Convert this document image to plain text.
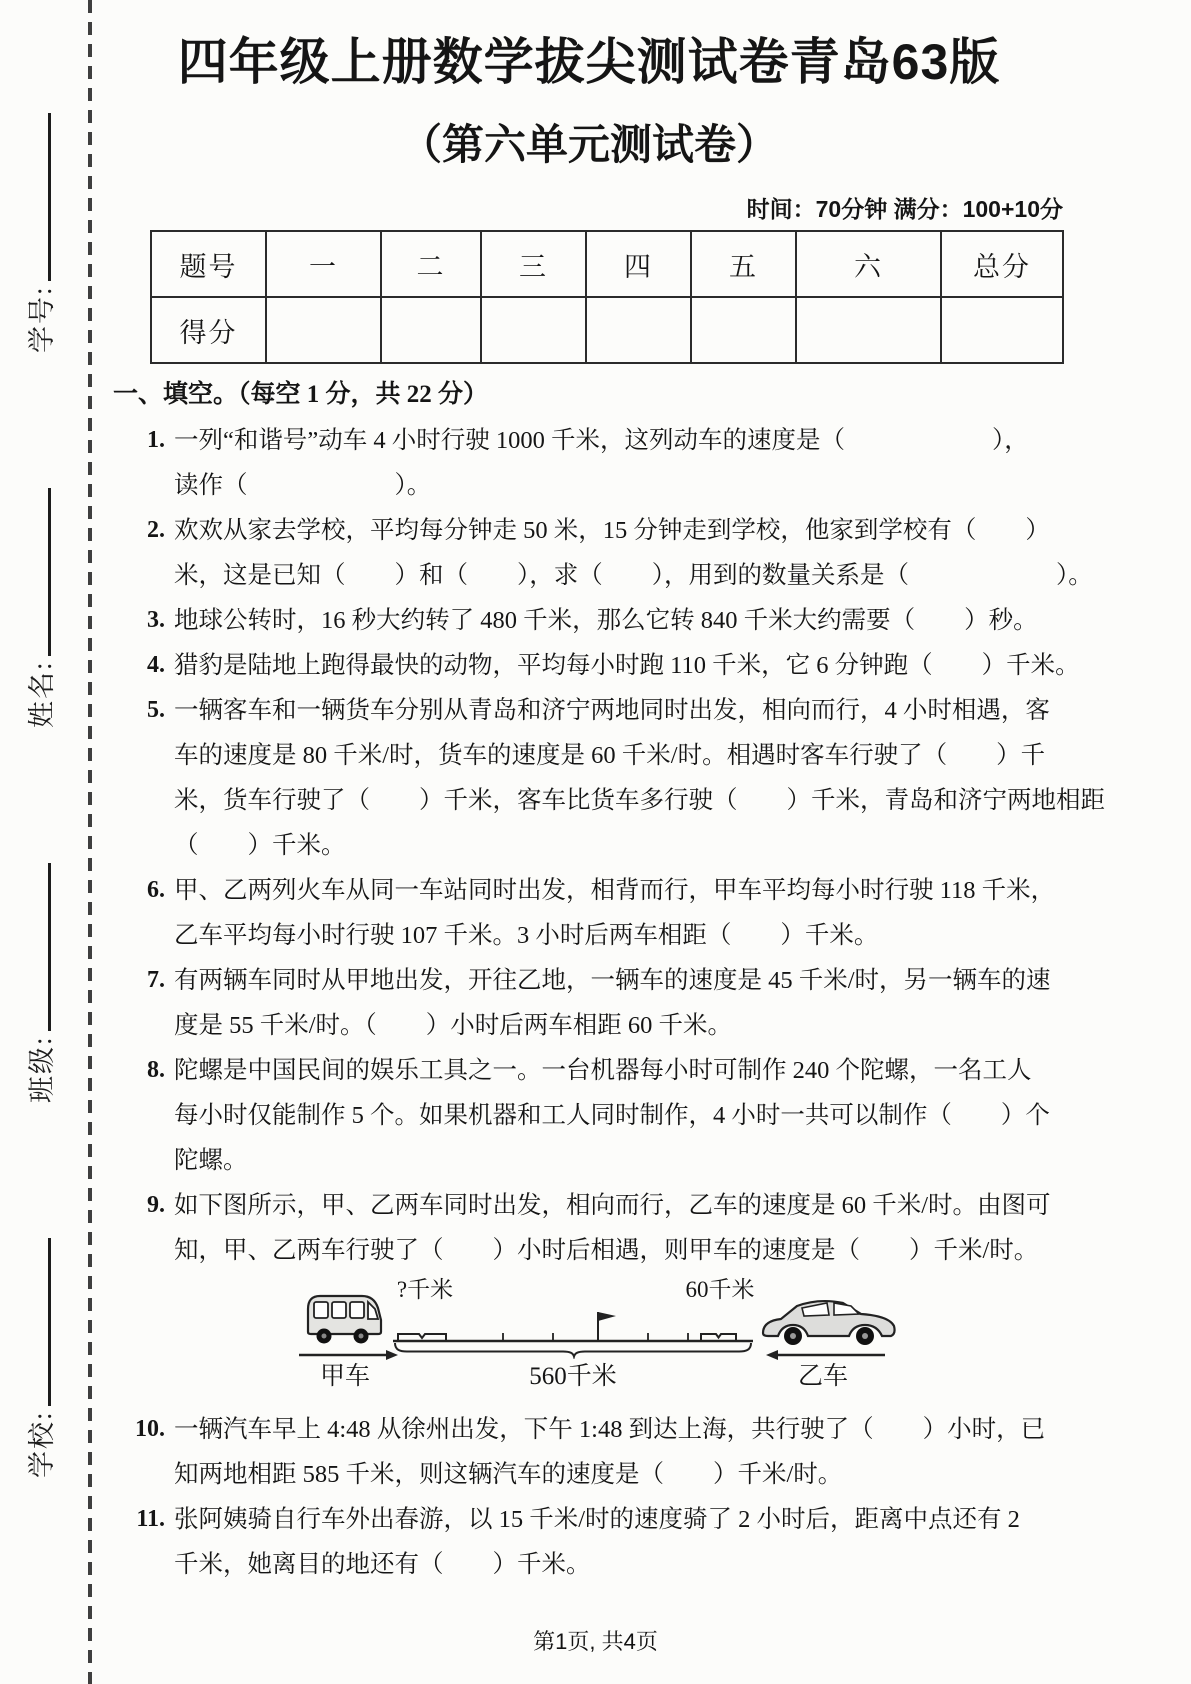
学号:
姓名:
班级:
学校:
四年级上册数学拔尖测试卷青岛63版
（第六单元测试卷）
时间：70分钟 满分：100+10分
题号	一	二	三	四	五	六	总分
得分							
一、填空。（每空 1 分，共 22 分）
1. 一列“和谐号”动车 4 小时行驶 1000 千米，这列动车的速度是（　　　　　　），
读作（　　　　　　）。
2. 欢欢从家去学校，平均每分钟走 50 米，15 分钟走到学校，他家到学校有（　　）
米，这是已知（　　）和（　　），求（　　），用到的数量关系是（　　　　　　）。
3. 地球公转时，16 秒大约转了 480 千米，那么它转 840 千米大约需要（　　）秒。
4. 猎豹是陆地上跑得最快的动物，平均每小时跑 110 千米，它 6 分钟跑（　　）千米。
5. 一辆客车和一辆货车分别从青岛和济宁两地同时出发，相向而行，4 小时相遇，客
车的速度是 80 千米/时，货车的速度是 60 千米/时。相遇时客车行驶了（　　）千
米，货车行驶了（　　）千米，客车比货车多行驶（　　）千米，青岛和济宁两地相距
（　　）千米。
6. 甲、乙两列火车从同一车站同时出发，相背而行，甲车平均每小时行驶 118 千米，
乙车平均每小时行驶 107 千米。3 小时后两车相距（　　）千米。
7. 有两辆车同时从甲地出发，开往乙地，一辆车的速度是 45 千米/时，另一辆车的速
度是 55 千米/时。（　　）小时后两车相距 60 千米。
8. 陀螺是中国民间的娱乐工具之一。一台机器每小时可制作 240 个陀螺，一名工人
每小时仅能制作 5 个。如果机器和工人同时制作，4 小时一共可以制作（　　）个
陀螺。
9. 如下图所示，甲、乙两车同时出发，相向而行，乙车的速度是 60 千米/时。由图可
知，甲、乙两车行驶了（　　）小时后相遇，则甲车的速度是（　　）千米/时。
甲车
?千米	60千米
560千米	乙车
10. 一辆汽车早上 4:48 从徐州出发，下午 1:48 到达上海，共行驶了（　　）小时，已
知两地相距 585 千米，则这辆汽车的速度是（　　）千米/时。
11. 张阿姨骑自行车外出春游，以 15 千米/时的速度骑了 2 小时后，距离中点还有 2
千米，她离目的地还有（　　）千米。
第1页, 共4页
